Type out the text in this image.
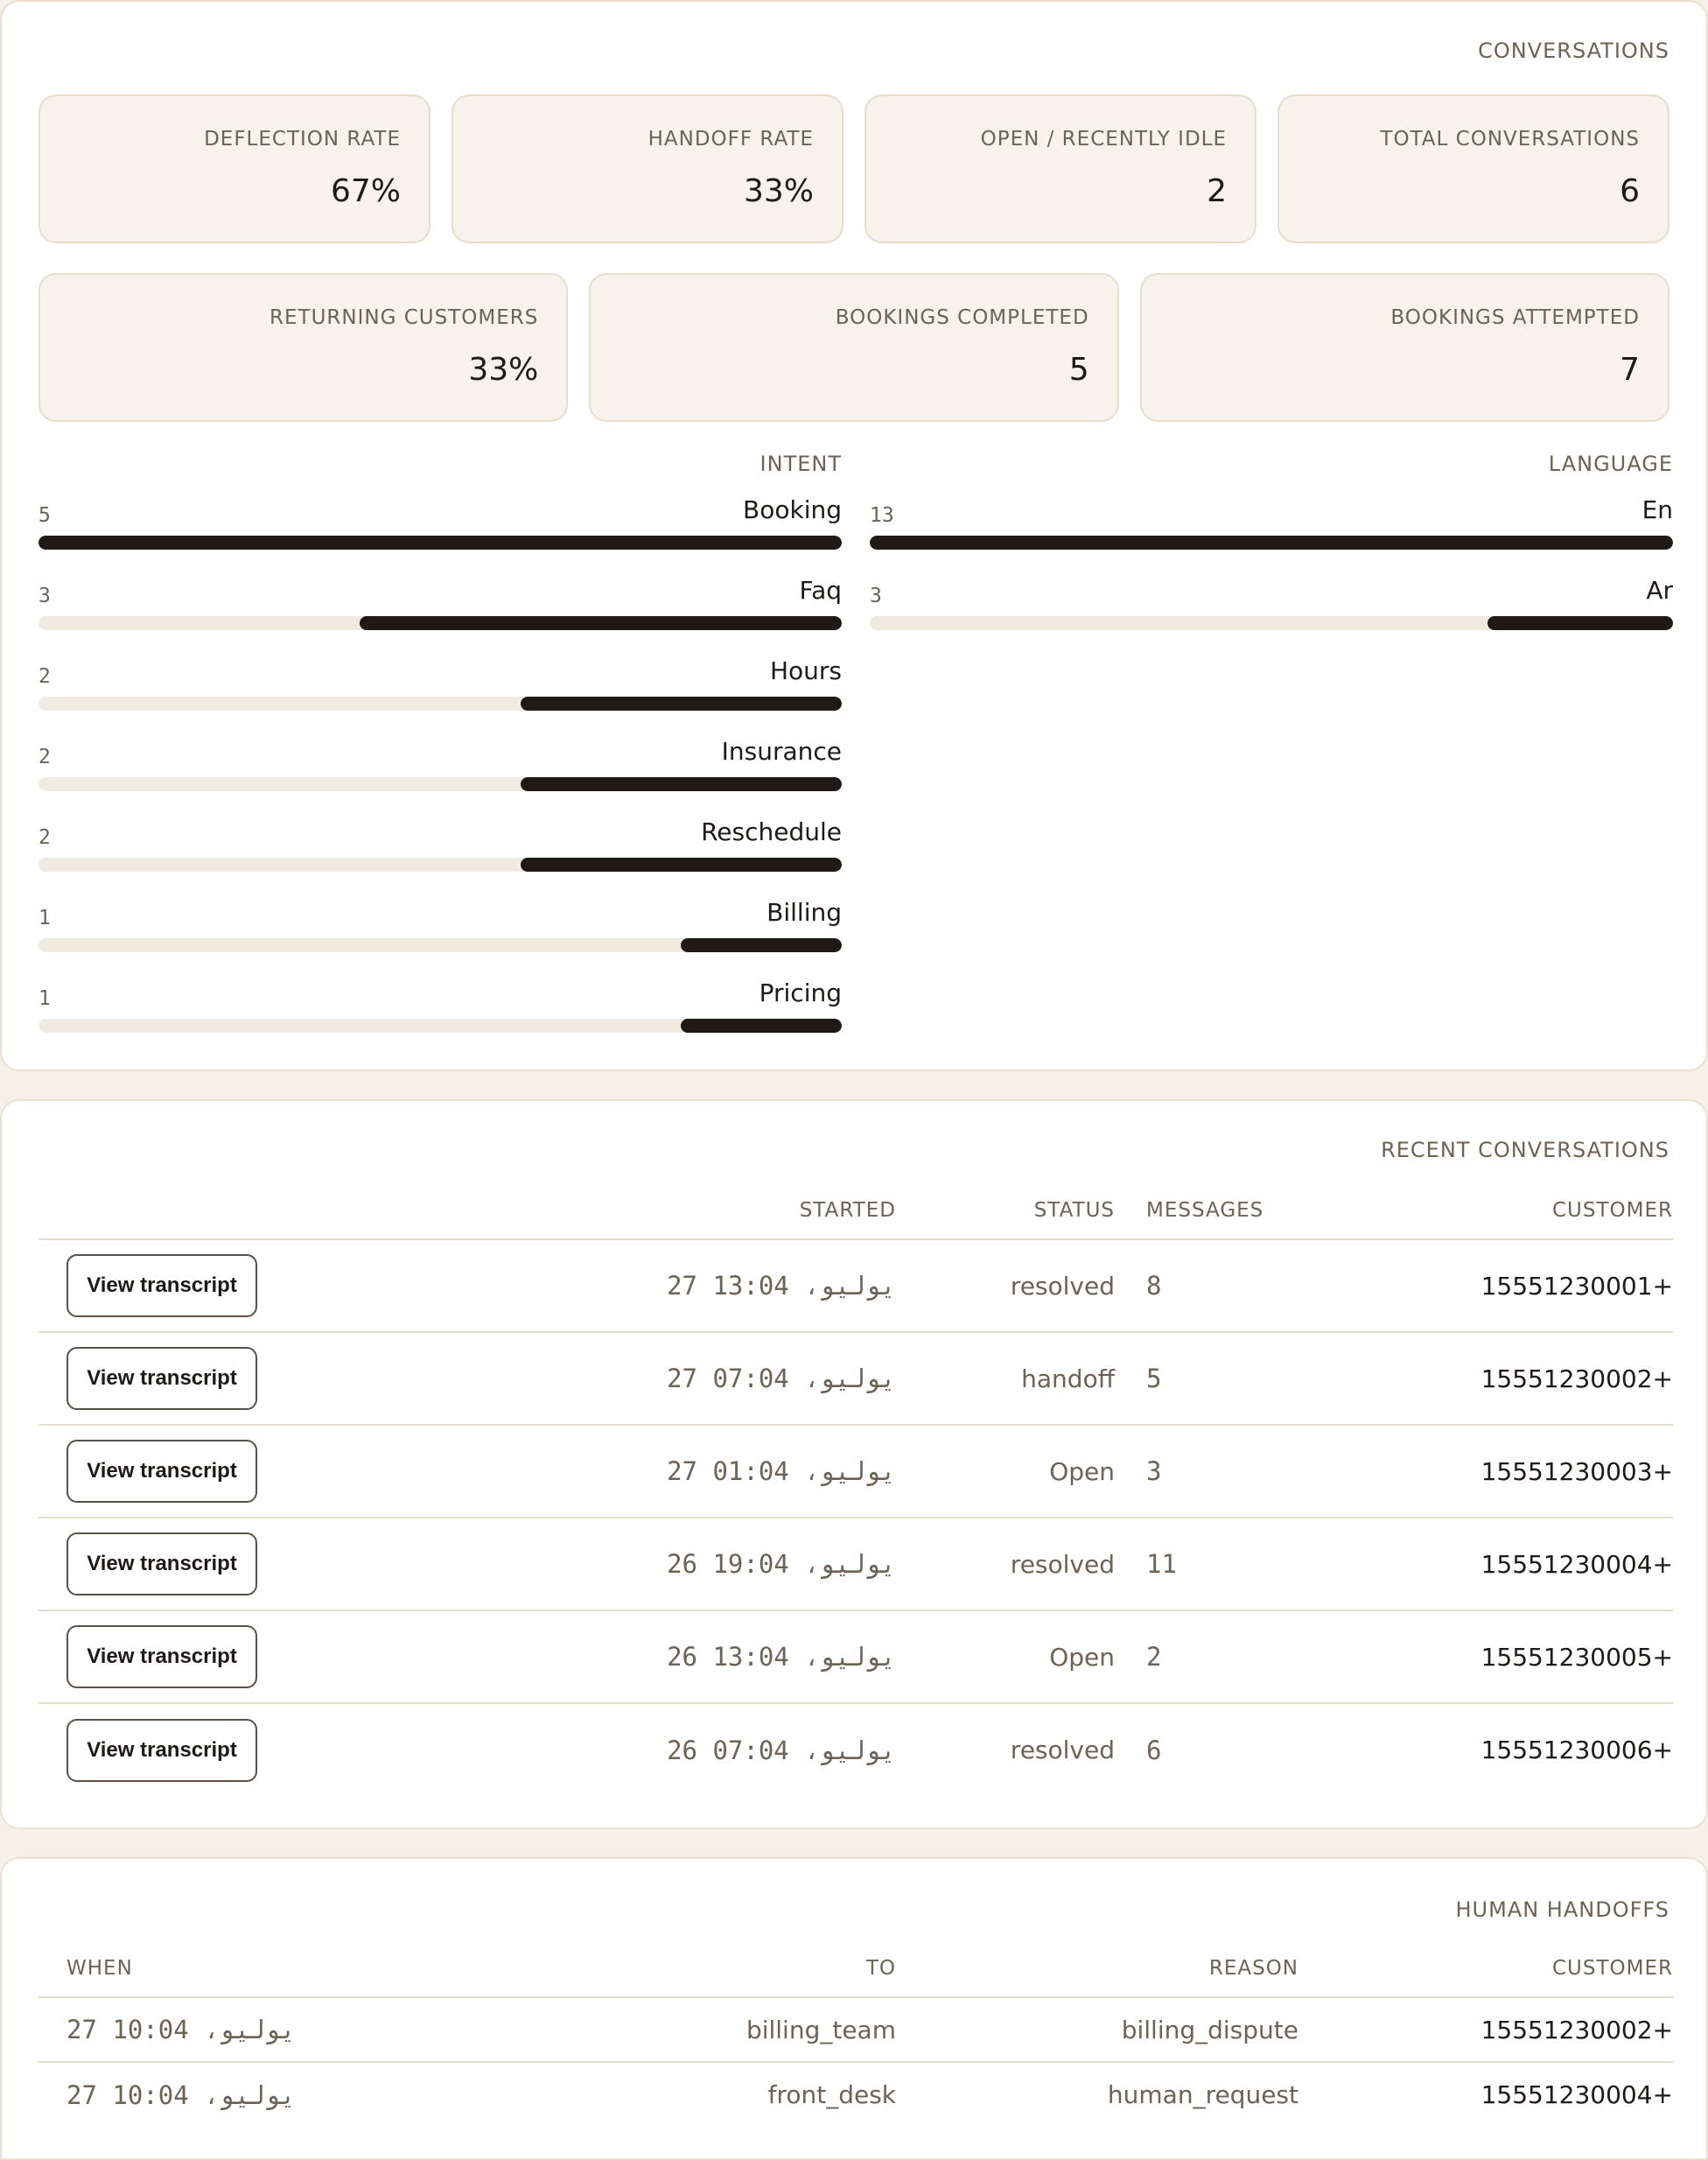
CONVERSATIONS
DEFLECTION RATE
67%
HANDOFF RATE
33%
OPEN / RECENTLY IDLE
2
TOTAL CONVERSATIONS
6
RETURNING CUSTOMERS
33%
BOOKINGS COMPLETED
5
BOOKINGS ATTEMPTED
7
INTENT
5	Booking
3	Faq
2	Hours
2	Insurance
2	Reschedule
1	Billing
1	Pricing
LANGUAGE
13	En
3	Ar
RECENT CONVERSATIONS
	STARTED	STATUS	MESSAGES	CUSTOMER
View transcript	27 يوليو، 13:04	resolved	8	15551230001+
View transcript	27 يوليو، 07:04	handoff	5	15551230002+
View transcript	27 يوليو، 01:04	Open	3	15551230003+
View transcript	26 يوليو، 19:04	resolved	11	15551230004+
View transcript	26 يوليو، 13:04	Open	2	15551230005+
View transcript	26 يوليو، 07:04	resolved	6	15551230006+
HUMAN HANDOFFS
WHEN	TO	REASON	CUSTOMER
27 يوليو، 10:04	billing_team	billing_dispute	15551230002+
27 يوليو، 10:04	front_desk	human_request	15551230004+
